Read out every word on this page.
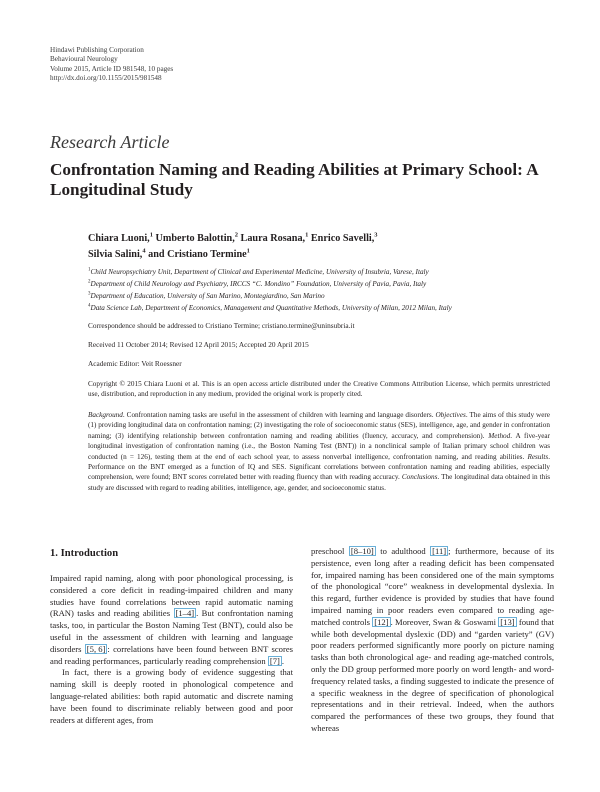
Hindawi Publishing Corporation
Behavioural Neurology
Volume 2015, Article ID 981548, 10 pages
http://dx.doi.org/10.1155/2015/981548
Research Article
Confrontation Naming and Reading Abilities at Primary School: A Longitudinal Study
Chiara Luoni,$^1$ Umberto Balottin,$^2$ Laura Rosana,$^1$ Enrico Savelli,$^3$
Silvia Salini,$^4$ and Cristiano Termine$^1$
$^1$Child Neuropsychiatry Unit, Department of Clinical and Experimental Medicine, University of Insubria, Varese, Italy
$^2$Department of Child Neurology and Psychiatry, IRCCS “C. Mondino” Foundation, University of Pavia, Pavia, Italy
$^3$Department of Education, University of San Marino, Montegiardino, San Marino
$^4$Data Science Lab, Department of Economics, Management and Quantitative Methods, University of Milan, 2012 Milan, Italy
Correspondence should be addressed to Cristiano Termine; cristiano.termine@uninsubria.it
Received 11 October 2014; Revised 12 April 2015; Accepted 20 April 2015
Academic Editor: Veit Roessner
Copyright © 2015 Chiara Luoni et al. This is an open access article distributed under the Creative Commons Attribution License, which permits unrestricted use, distribution, and reproduction in any medium, provided the original work is properly cited.
Background. Confrontation naming tasks are useful in the assessment of children with learning and language disorders. Objectives. The aims of this study were (1) providing longitudinal data on confrontation naming; (2) investigating the role of socioeconomic status (SES), intelligence, age, and gender in confrontation naming; (3) identifying relationship between confrontation naming and reading abilities (fluency, accuracy, and comprehension). Method. A five-year longitudinal investigation of confrontation naming (i.e., the Boston Naming Test (BNT)) in a nonclinical sample of Italian primary school children was conducted (n = 126), testing them at the end of each school year, to assess nonverbal intelligence, confrontation naming, and reading abilities. Results. Performance on the BNT emerged as a function of IQ and SES. Significant correlations between confrontation naming and reading abilities, especially comprehension, were found; BNT scores correlated better with reading fluency than with reading accuracy. Conclusions. The longitudinal data obtained in this study are discussed with regard to reading abilities, intelligence, age, gender, and socioeconomic status.
1. Introduction

Impaired rapid naming, along with poor phonological processing, is considered a core deficit in reading-impaired children and many studies have found correlations between rapid automatic naming (RAN) tasks and reading abilities [1–4] . But confrontation naming tasks, too, in particular the Boston Naming Test (BNT), could also be useful in the assessment of children with learning and language disorders [5, 6] : correlations have been found between BNT scores and reading performances, particularly reading comprehension [7] .

In fact, there is a growing body of evidence suggesting that naming skill is deeply rooted in phonological competence and language-related abilities: both rapid automatic and discrete naming have been found to discriminate reliably between good and poor readers at different ages, from

preschool [8–10] to adulthood [11] ; furthermore, because of its persistence, even long after a reading deficit has been compensated for, impaired naming has been considered one of the main symptoms of the phonological “core” weakness in developmental dyslexia. In this regard, further evidence is provided by studies that have found impaired naming in poor readers even compared to reading age-matched controls [12] . Moreover, Swan & Goswami [13] found that while both developmental dyslexic (DD) and “garden variety” (GV) poor readers performed significantly more poorly on picture naming tasks than both chronological age- and reading age-matched controls, only the DD group performed more poorly on word length- and word-frequency related tasks, a finding suggested to indicate the presence of a specific weakness in the degree of specification of phonological representations and in their retrieval. Indeed, when the authors compared the performances of these two groups, they found that whereas
